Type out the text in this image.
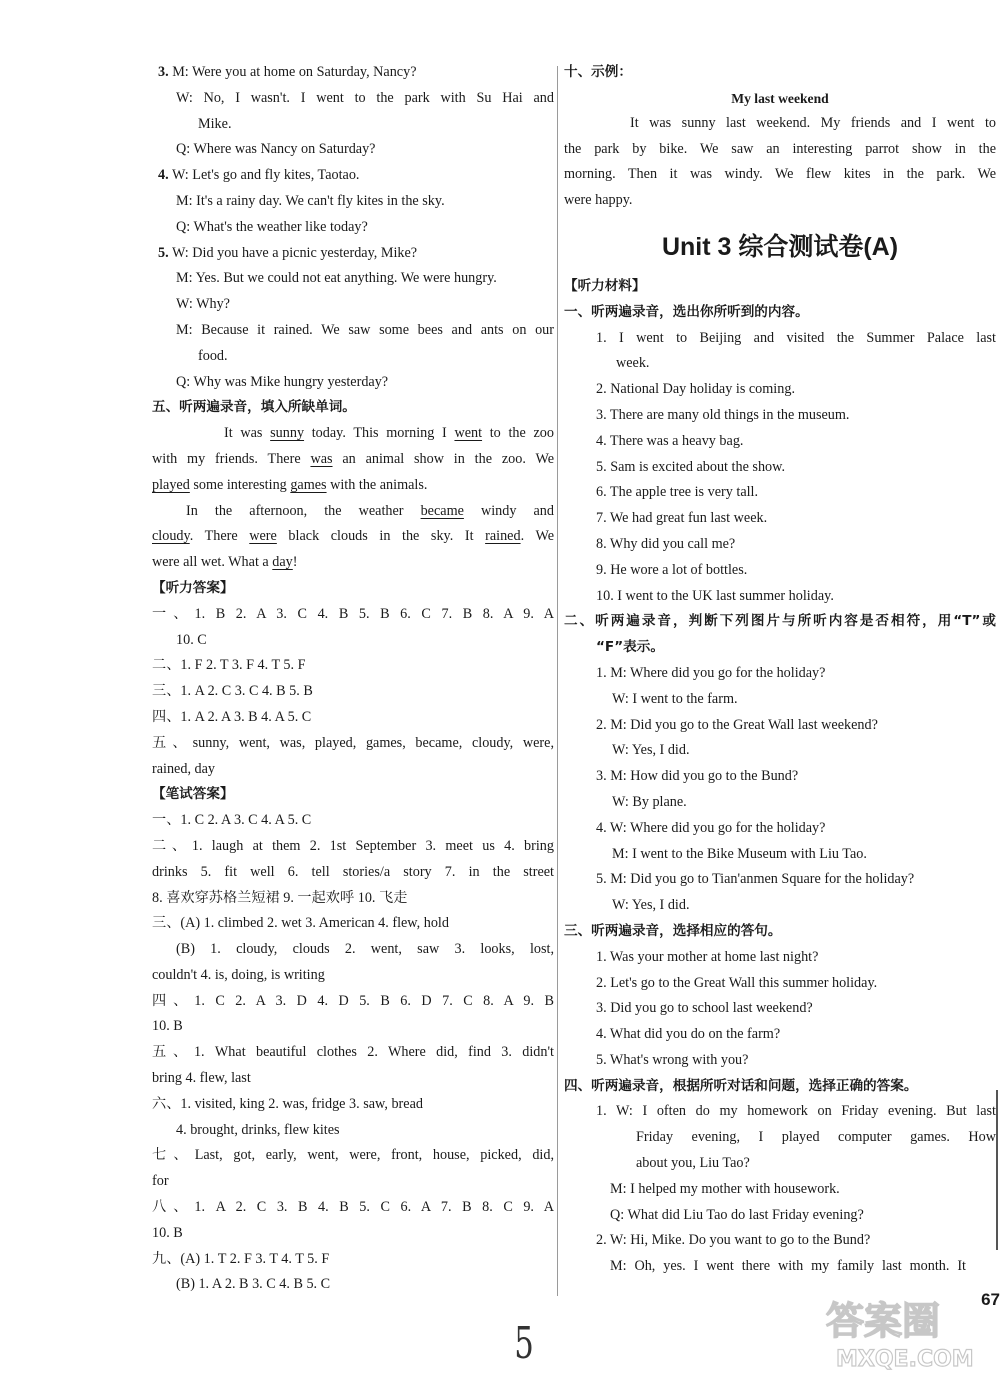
3. M: Were you at home on Saturday, Nancy?
W: No, I wasn't. I went to the park with Su Hai and
Mike.
Q: Where was Nancy on Saturday?
4. W: Let's go and fly kites, Taotao.
M: It's a rainy day. We can't fly kites in the sky.
Q: What's the weather like today?
5. W: Did you have a picnic yesterday, Mike?
M: Yes. But we could not eat anything. We were hungry.
W: Why?
M: Because it rained. We saw some bees and ants on our
food.
Q: Why was Mike hungry yesterday?
五、听两遍录音，填入所缺单词。
It was sunny today. This morning I went to the zoo
with my friends. There was an animal show in the zoo. We
played some interesting games with the animals.
In the afternoon, the weather became windy and
cloudy. There were black clouds in the sky. It rained. We
were all wet. What a day!
【听力答案】
一、1. B 2. A 3. C 4. B 5. B 6. C 7. B 8. A 9. A
10. C
二、1. F 2. T 3. F 4. T 5. F
三、1. A 2. C 3. C 4. B 5. B
四、1. A 2. A 3. B 4. A 5. C
五、sunny, went, was, played, games, became, cloudy, were,
rained, day
【笔试答案】
一、1. C 2. A 3. C 4. A 5. C
二、1. laugh at them 2. 1st September 3. meet us 4. bring
drinks 5. fit well 6. tell stories/a story 7. in the street
8. 喜欢穿苏格兰短裙 9. 一起欢呼 10. 飞走
三、(A) 1. climbed 2. wet 3. American 4. flew, hold
(B) 1. cloudy, clouds 2. went, saw 3. looks, lost,
couldn't 4. is, doing, is writing
四、1. C 2. A 3. D 4. D 5. B 6. D 7. C 8. A 9. B
10. B
五、1. What beautiful clothes 2. Where did, find 3. didn't
bring 4. flew, last
六、1. visited, king 2. was, fridge 3. saw, bread
4. brought, drinks, flew kites
七、Last, got, early, went, were, front, house, picked, did,
for
八、1. A 2. C 3. B 4. B 5. C 6. A 7. B 8. C 9. A
10. B
九、(A) 1. T 2. F 3. T 4. T 5. F
(B) 1. A 2. B 3. C 4. B 5. C
十、示例：
My last weekend
It was sunny last weekend. My friends and I went to
the park by bike. We saw an interesting parrot show in the
morning. Then it was windy. We flew kites in the park. We
were happy.
Unit 3 综合测试卷(A)
【听力材料】
一、听两遍录音，选出你所听到的内容。
1. I went to Beijing and visited the Summer Palace last
week.
2. National Day holiday is coming.
3. There are many old things in the museum.
4. There was a heavy bag.
5. Sam is excited about the show.
6. The apple tree is very tall.
7. We had great fun last week.
8. Why did you call me?
9. He wore a lot of bottles.
10. I went to the UK last summer holiday.
二、听两遍录音，判断下列图片与所听内容是否相符，用“T”或
“F”表示。
1. M: Where did you go for the holiday?
W: I went to the farm.
2. M: Did you go to the Great Wall last weekend?
W: Yes, I did.
3. M: How did you go to the Bund?
W: By plane.
4. W: Where did you go for the holiday?
M: I went to the Bike Museum with Liu Tao.
5. M: Did you go to Tian'anmen Square for the holiday?
W: Yes, I did.
三、听两遍录音，选择相应的答句。
1. Was your mother at home last night?
2. Let's go to the Great Wall this summer holiday.
3. Did you go to school last weekend?
4. What did you do on the farm?
5. What's wrong with you?
四、听两遍录音，根据所听对话和问题，选择正确的答案。
1. W: I often do my homework on Friday evening. But last
Friday evening, I played computer games. How
about you, Liu Tao?
M: I helped my mother with housework.
Q: What did Liu Tao do last Friday evening?
2. W: Hi, Mike. Do you want to go to the Bund?
M: Oh, yes. I went there with my family last month. It
67
5	答案圈
MXQE.COM
